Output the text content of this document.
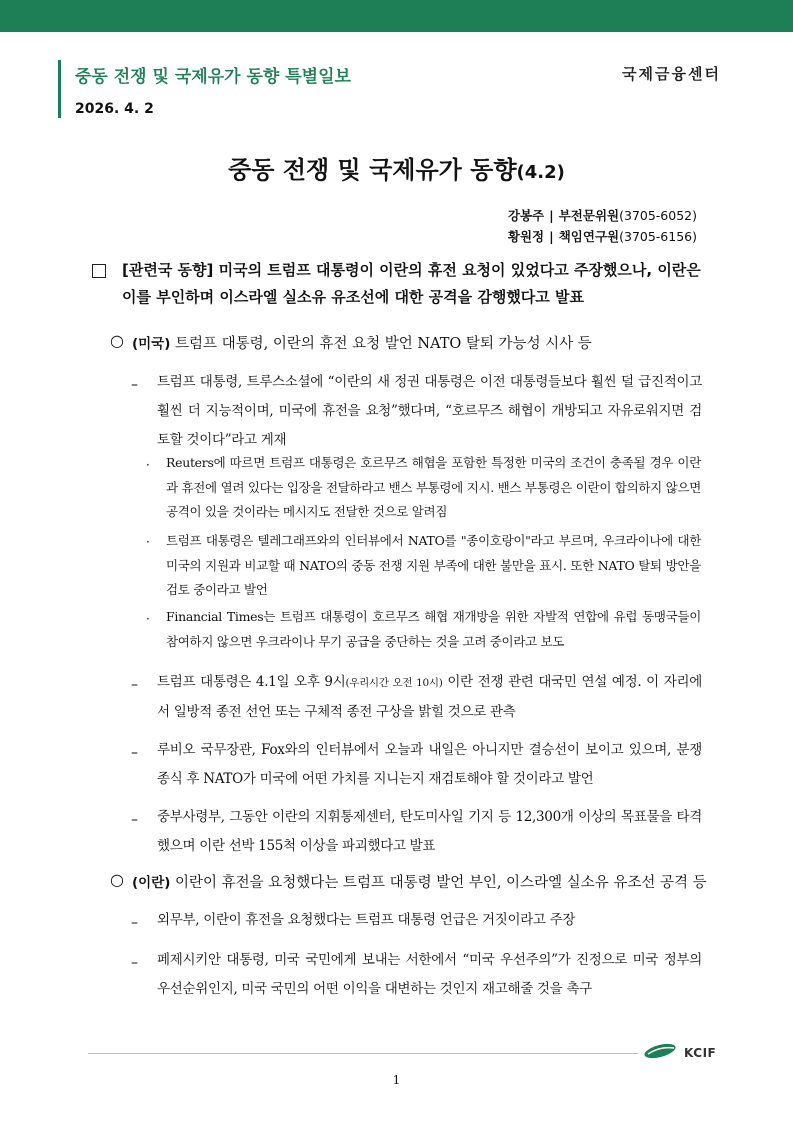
중동 전쟁 및 국제유가 동향 특별일보
2026. 4. 2
국제금융센터
중동 전쟁 및 국제유가 동향(4.2)
강봉주 | 부전문위원(3705-6052)
황원정 | 책임연구원(3705-6156)
[관련국 동향] 미국의 트럼프 대통령이 이란의 휴전 요청이 있었다고 주장했으나, 이란은 이를 부인하며 이스라엘 실소유 유조선에 대한 공격을 감행했다고 발표
○ (미국) 트럼프 대통령, 이란의 휴전 요청 발언 NATO 탈퇴 가능성 시사 등
– 트럼프 대통령, 트루스소셜에 “이란의 새 정권 대통령은 이전 대통령들보다 훨씬 덜 급진적이고 훨씬 더 지능적이며, 미국에 휴전을 요청”했다며, “호르무즈 해협이 개방되고 자유로워지면 검토할 것이다”라고 게재
· Reuters에 따르면 트럼프 대통령은 호르무즈 해협을 포함한 특정한 미국의 조건이 충족될 경우 이란과 휴전에 열려 있다는 입장을 전달하라고 밴스 부통령에 지시. 밴스 부통령은 이란이 합의하지 않으면 공격이 있을 것이라는 메시지도 전달한 것으로 알려짐
· 트럼프 대통령은 텔레그래프와의 인터뷰에서 NATO를 "종이호랑이"라고 부르며, 우크라이나에 대한 미국의 지원과 비교할 때 NATO의 중동 전쟁 지원 부족에 대한 불만을 표시. 또한 NATO 탈퇴 방안을 검토 중이라고 발언
· Financial Times는 트럼프 대통령이 호르무즈 해협 재개방을 위한 자발적 연합에 유럽 동맹국들이 참여하지 않으면 우크라이나 무기 공급을 중단하는 것을 고려 중이라고 보도
– 트럼프 대통령은 4.1일 오후 9시(우리시간 오전 10시) 이란 전쟁 관련 대국민 연설 예정. 이 자리에서 일방적 종전 선언 또는 구체적 종전 구상을 밝힐 것으로 관측
– 루비오 국무장관, Fox와의 인터뷰에서 오늘과 내일은 아니지만 결승선이 보이고 있으며, 분쟁 종식 후 NATO가 미국에 어떤 가치를 지니는지 재검토해야 할 것이라고 발언
– 중부사령부, 그동안 이란의 지휘통제센터, 탄도미사일 기지 등 12,300개 이상의 목표물을 타격했으며 이란 선박 155척 이상을 파괴했다고 발표
○ (이란) 이란이 휴전을 요청했다는 트럼프 대통령 발언 부인, 이스라엘 실소유 유조선 공격 등
– 외무부, 이란이 휴전을 요청했다는 트럼프 대통령 언급은 거짓이라고 주장
– 페제시키안 대통령, 미국 국민에게 보내는 서한에서 “미국 우선주의”가 진정으로 미국 정부의 우선순위인지, 미국 국민의 어떤 이익을 대변하는 것인지 재고해줄 것을 촉구
KCIF
1
